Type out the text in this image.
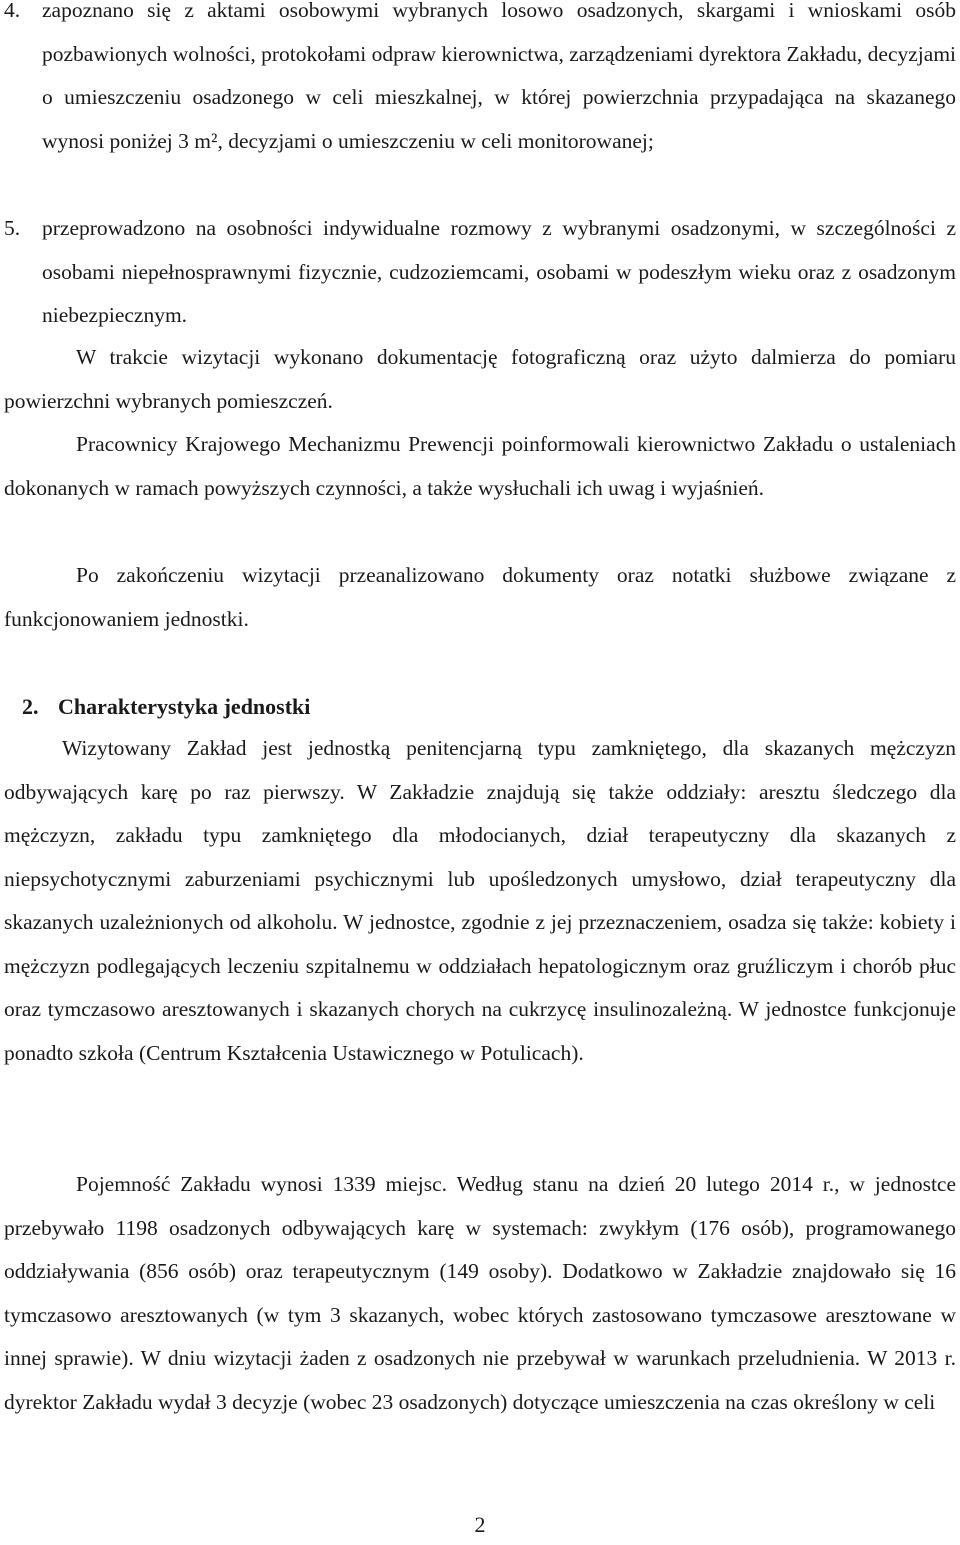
4. zapoznano się z aktami osobowymi wybranych losowo osadzonych, skargami i wnioskami osób pozbawionych wolności, protokołami odpraw kierownictwa, zarządzeniami dyrektora Zakładu, decyzjami o umieszczeniu osadzonego w celi mieszkalnej, w której powierzchnia przypadająca na skazanego wynosi poniżej 3 m², decyzjami o umieszczeniu w celi monitorowanej;
5. przeprowadzono na osobności indywidualne rozmowy z wybranymi osadzonymi, w szczególności z osobami niepełnosprawnymi fizycznie, cudzoziemcami, osobami w podeszłym wieku oraz z osadzonym niebezpiecznym.

W trakcie wizytacji wykonano dokumentację fotograficzną oraz użyto dalmierza do pomiaru powierzchni wybranych pomieszczeń.

Pracownicy Krajowego Mechanizmu Prewencji poinformowali kierownictwo Zakładu o ustaleniach dokonanych w ramach powyższych czynności, a także wysłuchali ich uwag i wyjaśnień.

Po zakończeniu wizytacji przeanalizowano dokumenty oraz notatki służbowe związane z funkcjonowaniem jednostki.

2. Charakterystyka jednostki

Wizytowany Zakład jest jednostką penitencjarną typu zamkniętego, dla skazanych mężczyzn odbywających karę po raz pierwszy. W Zakładzie znajdują się także oddziały: aresztu śledczego dla mężczyzn, zakładu typu zamkniętego dla młodocianych, dział terapeutyczny dla skazanych z niepsychotycznymi zaburzeniami psychicznymi lub upośledzonych umysłowo, dział terapeutyczny dla skazanych uzależnionych od alkoholu. W jednostce, zgodnie z jej przeznaczeniem, osadza się także: kobiety i mężczyzn podlegających leczeniu szpitalnemu w oddziałach hepatologicznym oraz gruźliczym i chorób płuc oraz tymczasowo aresztowanych i skazanych chorych na cukrzycę insulinozależną. W jednostce funkcjonuje ponadto szkoła (Centrum Kształcenia Ustawicznego w Potulicach).

Pojemność Zakładu wynosi 1339 miejsc. Według stanu na dzień 20 lutego 2014 r., w jednostce przebywało 1198 osadzonych odbywających karę w systemach: zwykłym (176 osób), programowanego oddziaływania (856 osób) oraz terapeutycznym (149 osoby). Dodatkowo w Zakładzie znajdowało się 16 tymczasowo aresztowanych (w tym 3 skazanych, wobec których zastosowano tymczasowe aresztowane w innej sprawie). W dniu wizytacji żaden z osadzonych nie przebywał w warunkach przeludnienia. W 2013 r. dyrektor Zakładu wydał 3 decyzje (wobec 23 osadzonych) dotyczące umieszczenia na czas określony w celi

2
